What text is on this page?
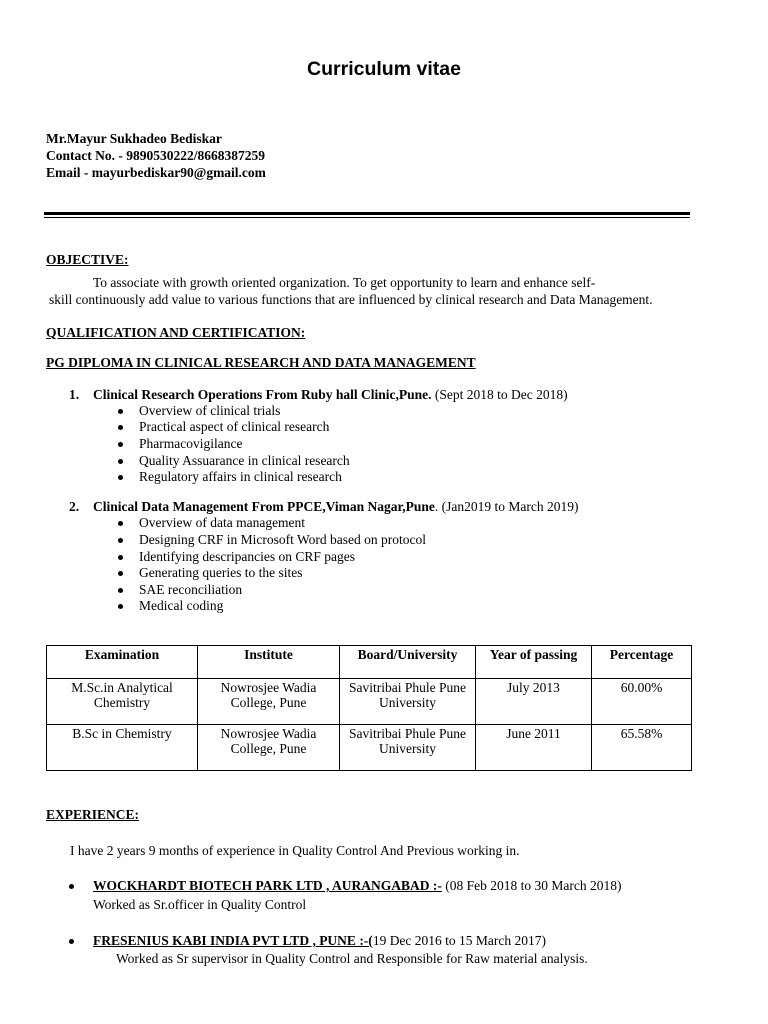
Curriculum vitae
Mr.Mayur Sukhadeo Bediskar
Contact No. - 9890530222/8668387259
Email - mayurbediskar90@gmail.com
OBJECTIVE:
To associate with growth oriented organization. To get opportunity to learn and enhance self-
skill continuously add value to various functions that are influenced by clinical research and Data Management.
QUALIFICATION AND CERTIFICATION:
PG DIPLOMA IN CLINICAL RESEARCH AND DATA MANAGEMENT
1. Clinical Research Operations From Ruby hall Clinic,Pune. (Sept 2018 to Dec 2018)
Overview of clinical trials
Practical aspect of clinical research
Pharmacovigilance
Quality Assuarance in clinical research
Regulatory affairs in clinical research
2. Clinical Data Management From PPCE,Viman Nagar,Pune. (Jan2019 to March 2019)
Overview of data management
Designing CRF in Microsoft Word based on protocol
Identifying descripancies on CRF pages
Generating queries to the sites
SAE reconciliation
Medical coding
Examination	Institute	Board/University	Year of passing	Percentage
M.Sc.in Analytical Chemistry	Nowrosjee Wadia College, Pune	Savitribai Phule Pune University	July 2013	60.00%
B.Sc in Chemistry	Nowrosjee Wadia College, Pune	Savitribai Phule Pune University	June 2011	65.58%
EXPERIENCE:
I have 2 years 9 months of experience in Quality Control And Previous working in.
WOCKHARDT BIOTECH PARK LTD , AURANGABAD :- (08 Feb 2018 to 30 March 2018)
Worked as Sr.officer in Quality Control
FRESENIUS KABI INDIA PVT LTD , PUNE :-(19 Dec 2016 to 15 March 2017)
Worked as Sr supervisor in Quality Control and Responsible for Raw material analysis.
